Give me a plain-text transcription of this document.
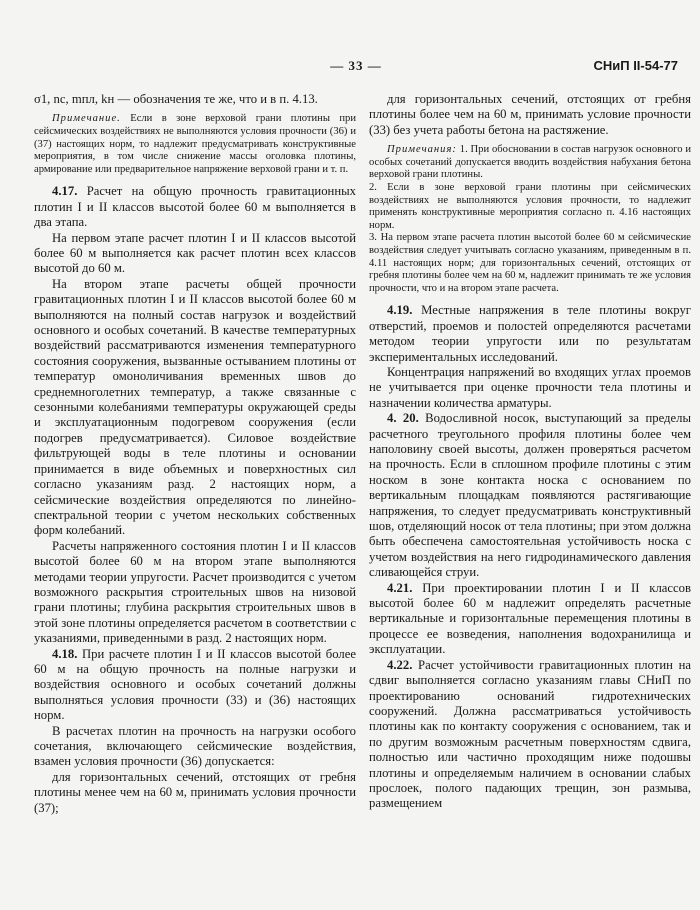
— 33 —	СНиП II-54-77

σ1, nc, mпл, kн — обозначения те же, что и в п. 4.13.

Примечание. Если в зоне верховой грани плотины при сейсмических воздействиях не выполняются условия прочности (36) и (37) настоящих норм, то надлежит предусматривать конструктивные мероприятия, в том числе снижение массы оголовка плотины, армирование или предварительное напряжение верховой грани и т. п.

4.17. Расчет на общую прочность гравитационных плотин I и II классов высотой более 60 м выполняется в два этапа.

На первом этапе расчет плотин I и II классов высотой более 60 м выполняется как расчет плотин всех классов высотой до 60 м.

На втором этапе расчеты общей прочности гравитационных плотин I и II классов высотой более 60 м выполняются на полный состав нагрузок и воздействий основного и особых сочетаний. В качестве температурных воздействий рассматриваются изменения температурного состояния сооружения, вызванные остыванием плотины от температур омоноличивания временных швов до среднемноголетних температур, а также связанные с сезонными колебаниями температуры окружающей среды и эксплуатационным подогревом сооружения (если подогрев предусматривается). Силовое воздействие фильтрующей воды в теле плотины и основании принимается в виде объемных и поверхностных сил согласно указаниям разд. 2 настоящих норм, а сейсмические воздействия определяются по линейно-спектральной теории с учетом нескольких собственных форм колебаний.

Расчеты напряженного состояния плотин I и II классов высотой более 60 м на втором этапе выполняются методами теории упругости. Расчет производится с учетом возможного раскрытия строительных швов на низовой грани плотины; глубина раскрытия строительных швов в этой зоне плотины определяется расчетом в соответствии с указаниями, приведенными в разд. 2 настоящих норм.

4.18. При расчете плотин I и II классов высотой более 60 м на общую прочность на полные нагрузки и воздействия основного и особых сочетаний должны выполняться условия прочности (33) и (36) настоящих норм.

В расчетах плотин на прочность на нагрузки особого сочетания, включающего сейсмические воздействия, взамен условия прочности (36) допускается:

для горизонтальных сечений, отстоящих от гребня плотины менее чем на 60 м, принимать условия прочности (37);

для горизонтальных сечений, отстоящих от гребня плотины более чем на 60 м, принимать условие прочности (33) без учета работы бетона на растяжение.

Примечания: 1. При обосновании в состав нагрузок основного и особых сочетаний допускается вводить воздействия набухания бетона верховой грани плотины.

2. Если в зоне верховой грани плотины при сейсмических воздействиях не выполняются условия прочности, то надлежит применять конструктивные мероприятия согласно п. 4.16 настоящих норм.

3. На первом этапе расчета плотин высотой более 60 м сейсмические воздействия следует учитывать согласно указаниям, приведенным в п. 4.11 настоящих норм; для горизонтальных сечений, отстоящих от гребня плотины более чем на 60 м, надлежит принимать те же условия прочности, что и на втором этапе расчета.

4.19. Местные напряжения в теле плотины вокруг отверстий, проемов и полостей определяются расчетами методом теории упругости или по результатам экспериментальных исследований.

Концентрация напряжений во входящих углах проемов не учитывается при оценке прочности тела плотины и назначении количества арматуры.

4. 20. Водосливной носок, выступающий за пределы расчетного треугольного профиля плотины более чем наполовину своей высоты, должен проверяться расчетом на прочность. Если в сплошном профиле плотины с этим носком в зоне контакта носка с основанием по вертикальным площадкам появляются растягивающие напряжения, то следует предусматривать конструктивный шов, отделяющий носок от тела плотины; при этом должна быть обеспечена самостоятельная устойчивость носка с учетом воздействия на него гидродинамического давления сливающейся струи.

4.21. При проектировании плотин I и II классов высотой более 60 м надлежит определять расчетные вертикальные и горизонтальные перемещения плотины в процессе ее возведения, наполнения водохранилища и эксплуатации.

4.22. Расчет устойчивости гравитационных плотин на сдвиг выполняется согласно указаниям главы СНиП по проектированию оснований гидротехнических сооружений. Должна рассматриваться устойчивость плотины как по контакту сооружения с основанием, так и по другим возможным расчетным поверхностям сдвига, полностью или частично проходящим ниже подошвы плотины и определяемым наличием в основании слабых прослоек, полого падающих трещин, зон размыва, размещением
